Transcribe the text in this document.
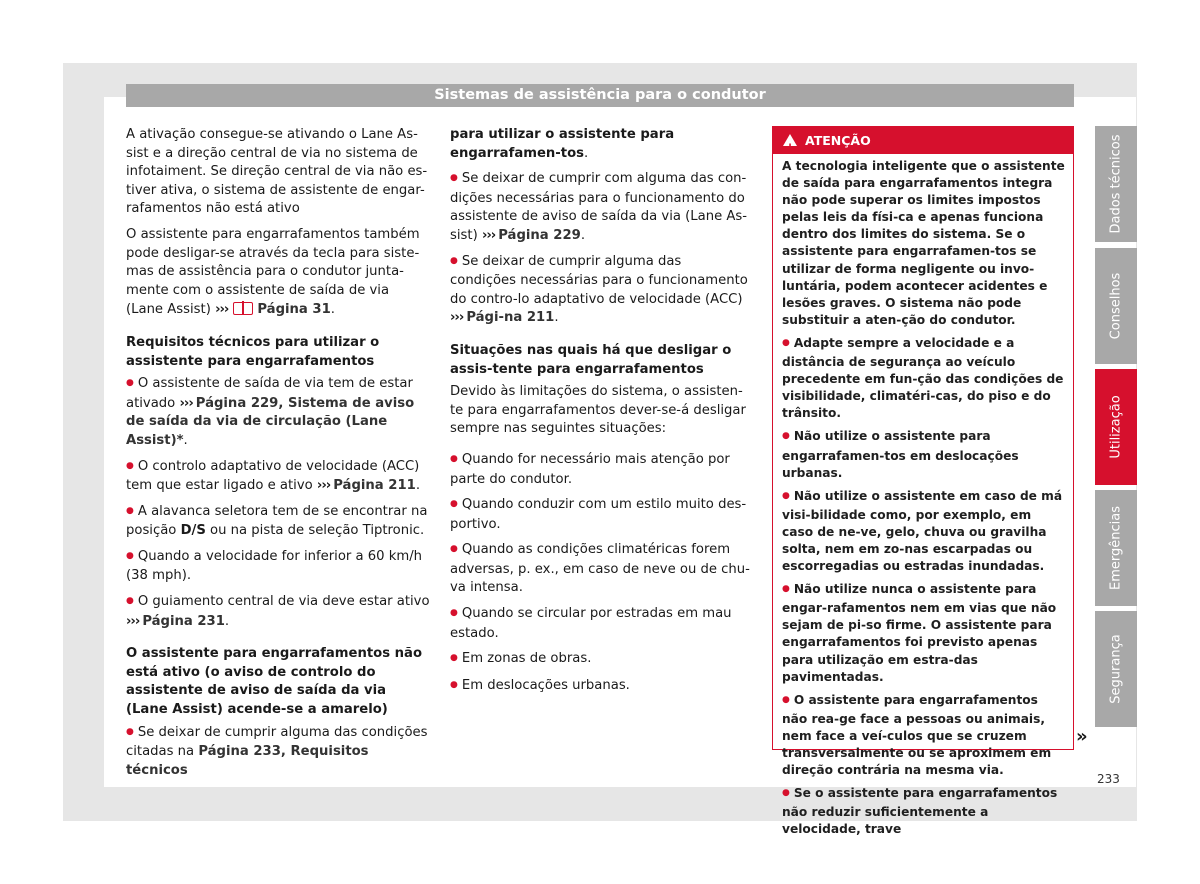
Sistemas de assistência para o condutor

A ativação consegue-se ativando o Lane As-sist e a direção central de via no sistema de infotaiment. Se direção central de via não es-tiver ativa, o sistema de assistente de engar-rafamentos não está ativo

O assistente para engarrafamentos também pode desligar-se através da tecla para siste-mas de assistência para o condutor junta-mente com o assistente de saída de via (Lane Assist) ››› Página 31.

Requisitos técnicos para utilizar o assistente para engarrafamentos

● O assistente de saída de via tem de estar ativado ››› Página 229, Sistema de aviso de saída da via de circulação (Lane Assist)*.

● O controlo adaptativo de velocidade (ACC) tem que estar ligado e ativo ››› Página 211.

● A alavanca seletora tem de se encontrar na posição D/S ou na pista de seleção Tiptronic.

● Quando a velocidade for inferior a 60 km/h (38 mph).

● O guiamento central de via deve estar ativo
››› Página 231.

O assistente para engarrafamentos não está ativo (o aviso de controlo do assistente de aviso de saída da via (Lane Assist) acende-se a amarelo)

● Se deixar de cumprir alguma das condições citadas na Página 233, Requisitos técnicos

para utilizar o assistente para engarrafamen-tos.

● Se deixar de cumprir com alguma das con-dições necessárias para o funcionamento do assistente de aviso de saída da via (Lane As-sist) ››› Página 229.

● Se deixar de cumprir alguma das condições necessárias para o funcionamento do contro-lo adaptativo de velocidade (ACC) ››› Pági-na 211.

Situações nas quais há que desligar o assis-tente para engarrafamentos

Devido às limitações do sistema, o assisten-te para engarrafamentos dever-se-á desligar sempre nas seguintes situações:

● Quando for necessário mais atenção por parte do condutor.

● Quando conduzir com um estilo muito des-portivo.

● Quando as condições climatéricas forem adversas, p. ex., em caso de neve ou de chu-va intensa.

● Quando se circular por estradas em mau estado.

● Em zonas de obras.

● Em deslocações urbanas.

!ATENÇÃO

A tecnologia inteligente que o assistente de saída para engarrafamentos integra não pode superar os limites impostos pelas leis da físi-ca e apenas funciona dentro dos limites do sistema. Se o assistente para engarrafamen-tos se utilizar de forma negligente ou invo-luntária, podem acontecer acidentes e lesões graves. O sistema não pode substituir a aten-ção do condutor.

● Adapte sempre a velocidade e a distância de segurança ao veículo precedente em fun-ção das condições de visibilidade, climatéri-cas, do piso e do trânsito.

● Não utilize o assistente para engarrafamen-tos em deslocações urbanas.

● Não utilize o assistente em caso de má visi-bilidade como, por exemplo, em caso de ne-ve, gelo, chuva ou gravilha solta, nem em zo-nas escarpadas ou escorregadias ou estradas inundadas.

● Não utilize nunca o assistente para engar-rafamentos nem em vias que não sejam de pi-so firme. O assistente para engarrafamentos foi previsto apenas para utilização em estra-das pavimentadas.

● O assistente para engarrafamentos não rea-ge face a pessoas ou animais, nem face a veí-culos que se cruzem transversalmente ou se aproximem em direção contrária na mesma via.

● Se o assistente para engarrafamentos não reduzir suficientemente a velocidade, trave

»
Dados técnicos
Conselhos
Utilização
Emergências
Segurança
233
